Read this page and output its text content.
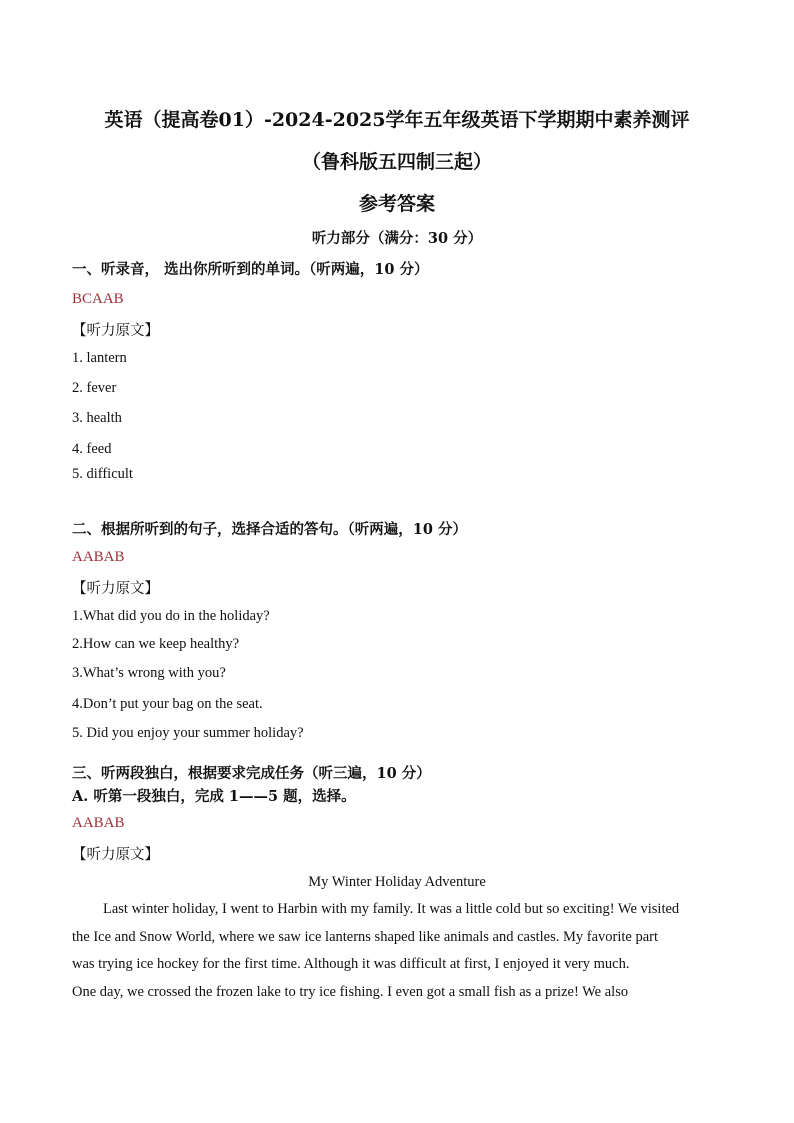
英语（提高卷01）-2024-2025学年五年级英语下学期期中素养测评
（鲁科版五四制三起）
参考答案
听力部分（满分：30 分）
一、听录音， 选出你所听到的单词。（听两遍，10 分）
BCAAB
【听力原文】
1. lantern
2. fever
3. health
4. feed
5. difficult
二、根据所听到的句子，选择合适的答句。（听两遍，10 分）
AABAB
【听力原文】
1.What did you do in the holiday?
2.How can we keep healthy?
3.What’s wrong with you?
4.Don’t put your bag on the seat.
5. Did you enjoy your summer holiday?
三、听两段独白，根据要求完成任务（听三遍，10 分）
A. 听第一段独白，完成 1——5 题，选择。
AABAB
【听力原文】
My Winter Holiday Adventure
Last winter holiday, I went to Harbin with my family. It was a little cold but so exciting! We visited
the Ice and Snow World, where we saw ice lanterns shaped like animals and castles. My favorite part
was trying ice hockey for the first time. Although it was difficult at first, I enjoyed it very much.
One day, we crossed the frozen lake to try ice fishing. I even got a small fish as a prize! We also
